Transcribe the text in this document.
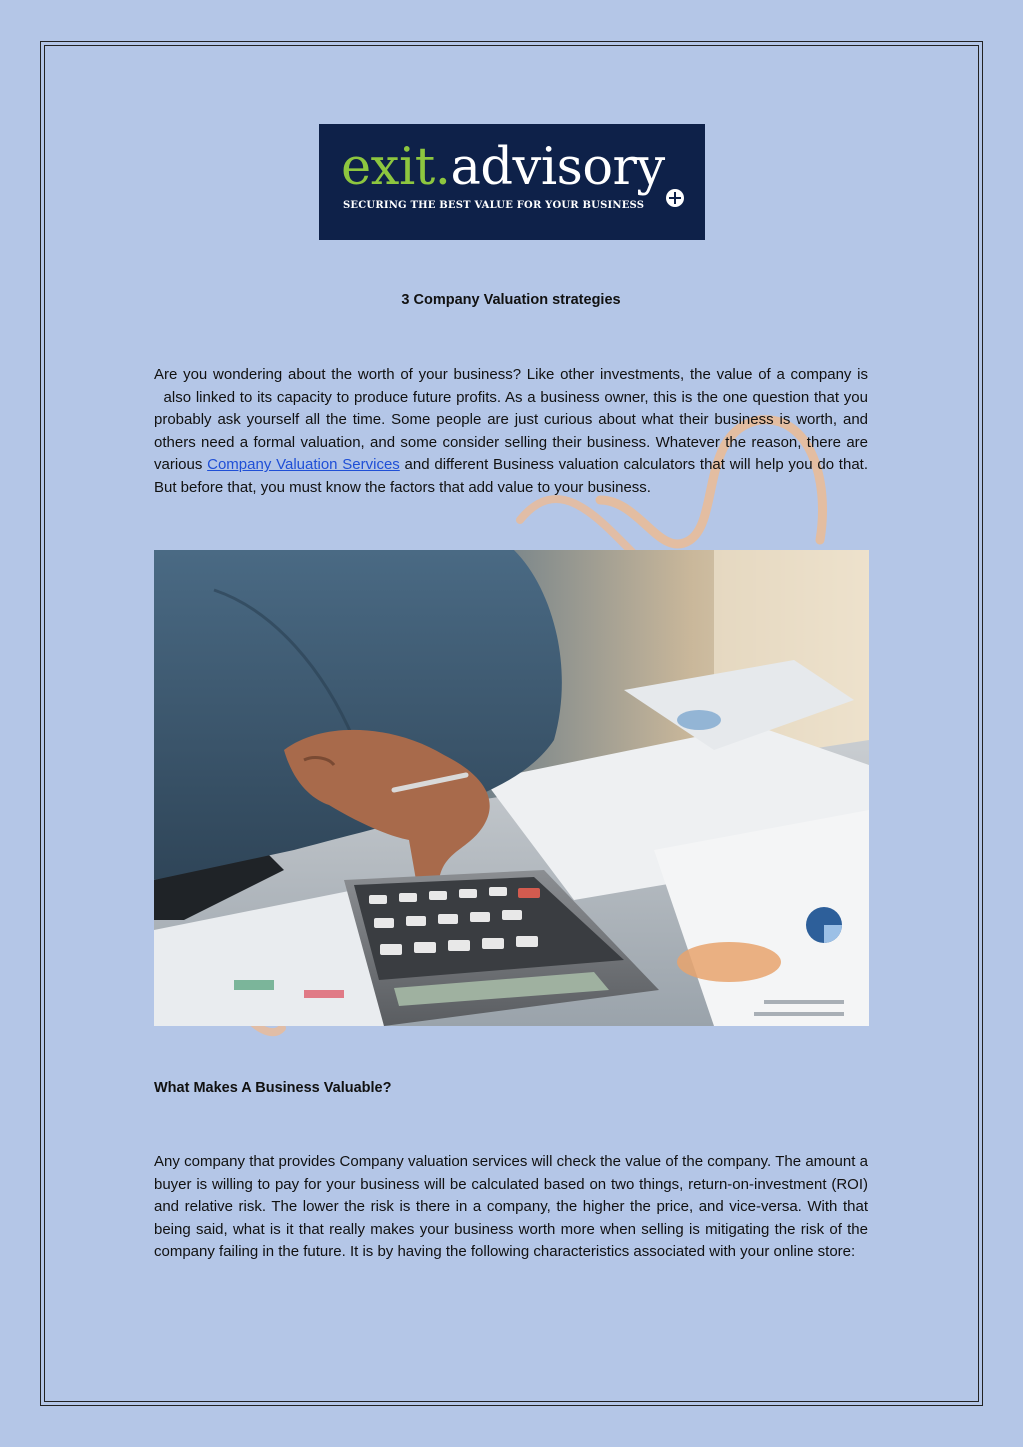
exit.advisory
SECURING THE BEST VALUE FOR YOUR BUSINESS
3 Company Valuation strategies

Are you wondering about the worth of your business? Like other investments, the value of a company is   also linked to its capacity to produce future profits. As a business owner, this is the one question that you probably ask yourself all the time. Some people are just curious about what their business is worth, and others need a formal valuation, and some consider selling their business. Whatever the reason, there are various Company Valuation Services and different Business valuation calculators that will help you do that. But before that, you must know the factors that add value to your business.

What Makes A Business Valuable?

Any company that provides Company valuation services will check the value of the company. The amount a buyer is willing to pay for your business will be calculated based on two things, return-on-investment (ROI) and relative risk. The lower the risk is there in a company, the higher the price, and vice-versa. With that being said, what is it that really makes your business worth more when selling is mitigating the risk of the company failing in the future. It is by having the following characteristics associated with your online store:
